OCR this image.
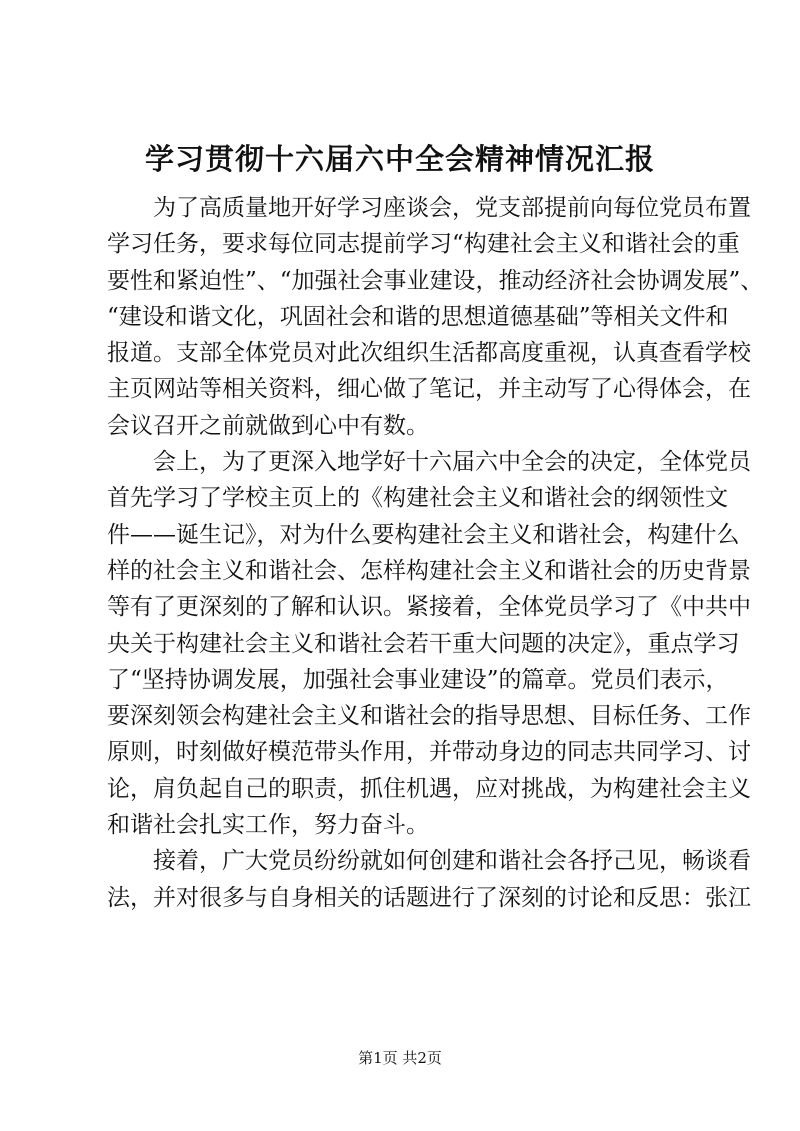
学习贯彻十六届六中全会精神情况汇报
为了高质量地开好学习座谈会，党支部提前向每位党员布置
学习任务，要求每位同志提前学习“构建社会主义和谐社会的重
要性和紧迫性”、“加强社会事业建设，推动经济社会协调发展”、
“建设和谐文化，巩固社会和谐的思想道德基础”等相关文件和
报道。支部全体党员对此次组织生活都高度重视，认真查看学校
主页网站等相关资料，细心做了笔记，并主动写了心得体会，在
会议召开之前就做到心中有数。
会上，为了更深入地学好十六届六中全会的决定，全体党员
首先学习了学校主页上的《构建社会主义和谐社会的纲领性文
件——诞生记》，对为什么要构建社会主义和谐社会，构建什么
样的社会主义和谐社会、怎样构建社会主义和谐社会的历史背景
等有了更深刻的了解和认识。紧接着，全体党员学习了《中共中
央关于构建社会主义和谐社会若干重大问题的决定》，重点学习
了“坚持协调发展，加强社会事业建设”的篇章。党员们表示，
要深刻领会构建社会主义和谐社会的指导思想、目标任务、工作
原则，时刻做好模范带头作用，并带动身边的同志共同学习、讨
论，肩负起自己的职责，抓住机遇，应对挑战，为构建社会主义
和谐社会扎实工作，努力奋斗。
接着，广大党员纷纷就如何创建和谐社会各抒己见，畅谈看
法，并对很多与自身相关的话题进行了深刻的讨论和反思：张江
第1页 共2页
